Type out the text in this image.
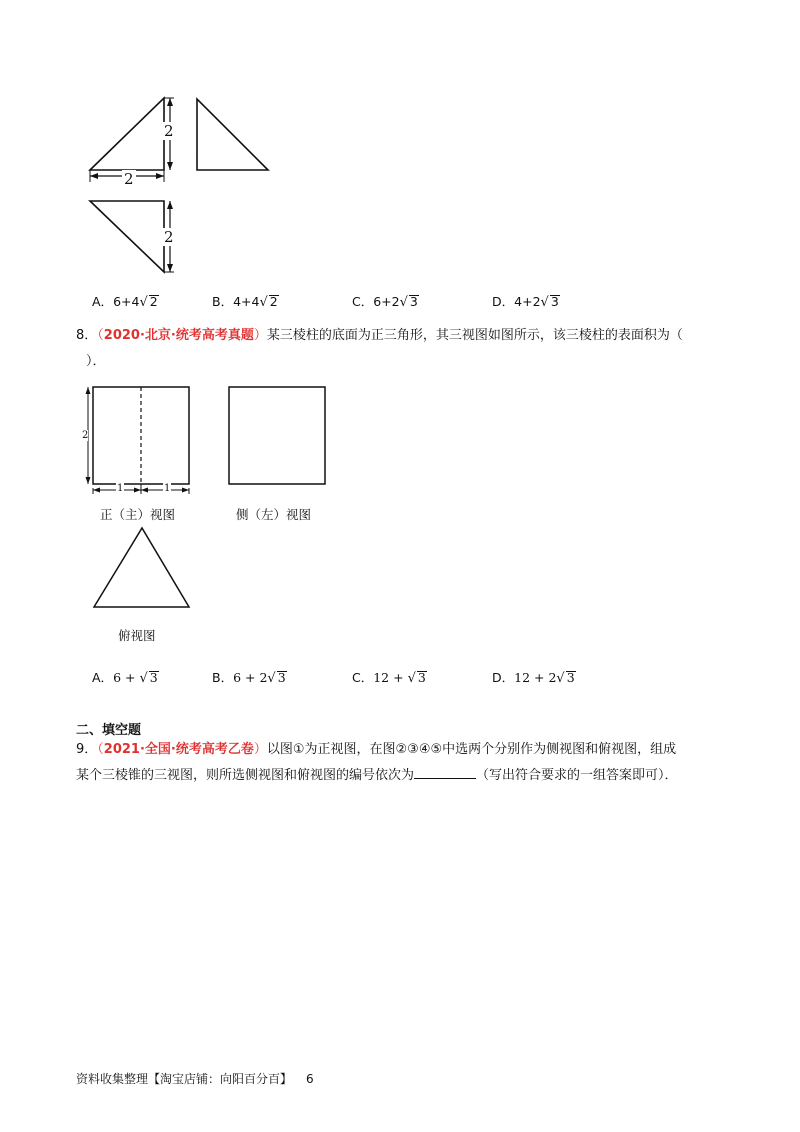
2
2
2
A．6+4√ 2	B．4+4√ 2	C．6+2√ 3	D．4+2√ 3
8．（2020·北京·统考高考真题）某三棱柱的底面为正三角形，其三视图如图所示，该三棱柱的表面积为（
）．
2
1	1
正（主）视图	侧（左）视图
俯视图
A．6 + √ 3	B．6 + 2√ 3	C．12 + √ 3	D．12 + 2√ 3
二、填空题
9．（2021·全国·统考高考乙卷）以图①为正视图，在图②③④⑤中选两个分别作为侧视图和俯视图，组成
某个三棱锥的三视图，则所选侧视图和俯视图的编号依次为	（写出符合要求的一组答案即可）．
资料收集整理【淘宝店铺：向阳百分百】 6
